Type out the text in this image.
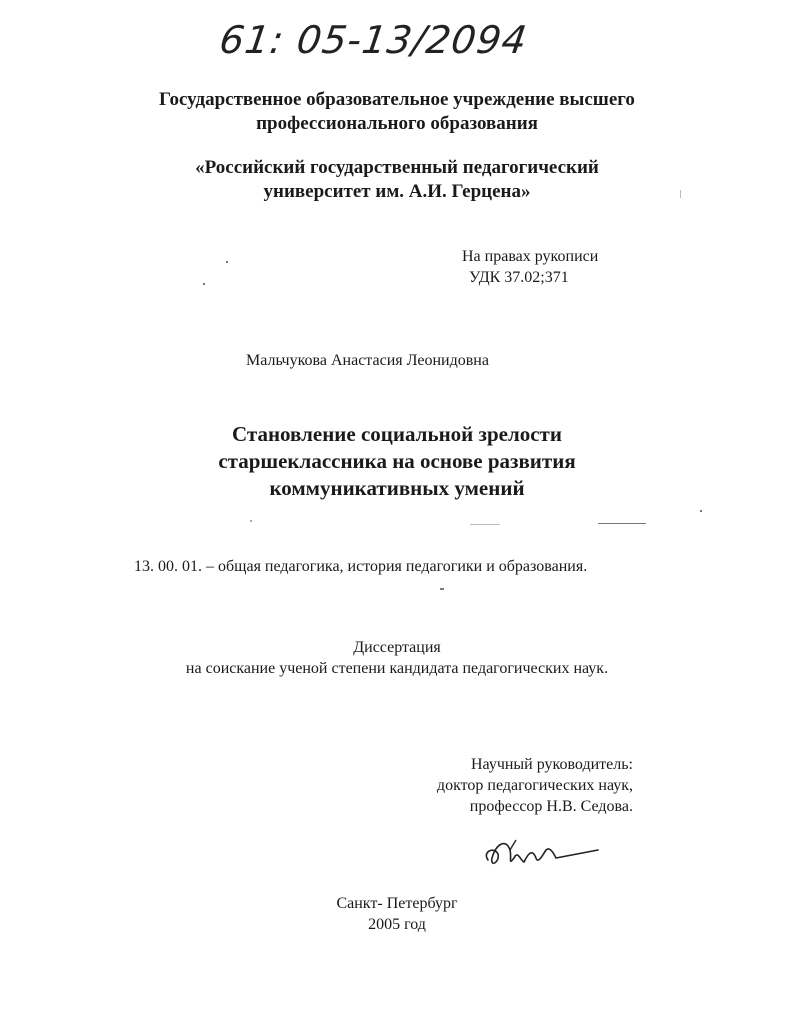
61: 05-13/2094
Государственное образовательное учреждение высшего
профессионального образования
«Российский государственный педагогический
университет им. А.И. Герцена»
На правах рукописи
УДК 37.02;371
Мальчукова Анастасия Леонидовна
Становление социальной зрелости
старшеклассника на основе развития
коммуникативных умений
13. 00. 01. – общая педагогика, история педагогики и образования.
Диссертация
на соискание ученой степени кандидата педагогических наук.
Научный руководитель:
доктор педагогических наук,
профессор Н.В. Седова.
Санкт- Петербург
2005 год
